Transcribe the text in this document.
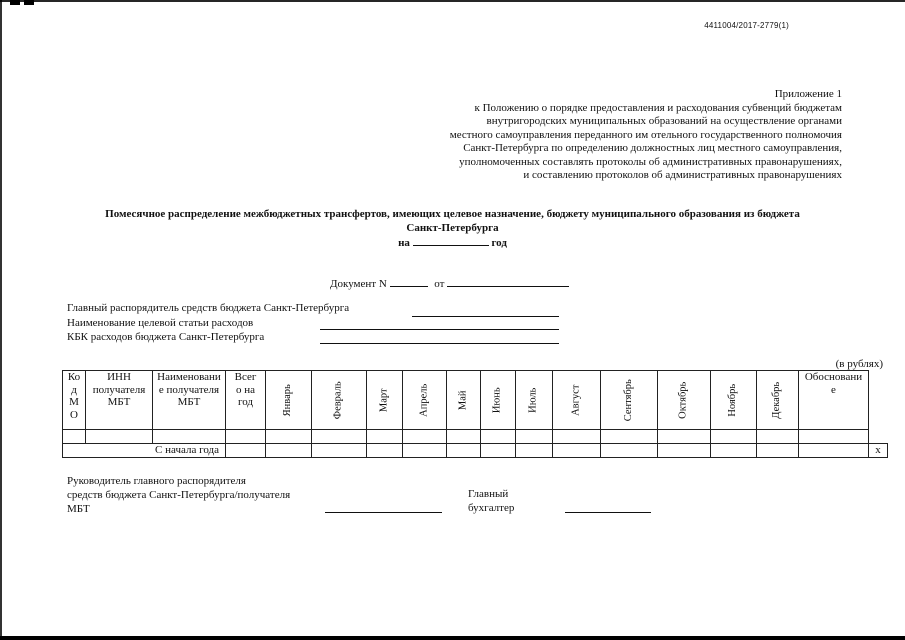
4411004/2017-2779(1)
Приложение 1
к Положению о порядке предоставления и расходования субвенций бюджетам
внутригородских муниципальных образований на осуществление органами
местного самоуправления переданного им отельного государственного полномочия
Санкт-Петербурга по определению должностных лиц местного самоуправления,
уполномоченных составлять протоколы об административных правонарушениях,
и составлению протоколов об административных правонарушениях
Помесячное распределение межбюджетных трансфертов, имеющих целевое назначение, бюджету муниципального образования из бюджета
Санкт-Петербурга
на	год
Документ N	от
Главный распорядитель средств бюджета Санкт-Петербурга
Наименование целевой статьи расходов
КБК расходов бюджета Санкт-Петербурга
(в рублях)
Ко
д
М
О	ИНН
получателя
МБТ	Наименовани
е получателя
МБТ	Всег
о на
год	Январь	Февраль	Март	Апрель	Май	Июнь	Июль	Август	Сентябрь	Октябрь	Ноябрь	Декабрь	Обосновани
е	

С начала года																	x
Руководитель главного распорядителя
средств бюджета Санкт-Петербурга/получателя
МБТ
Главный
бухгалтер
